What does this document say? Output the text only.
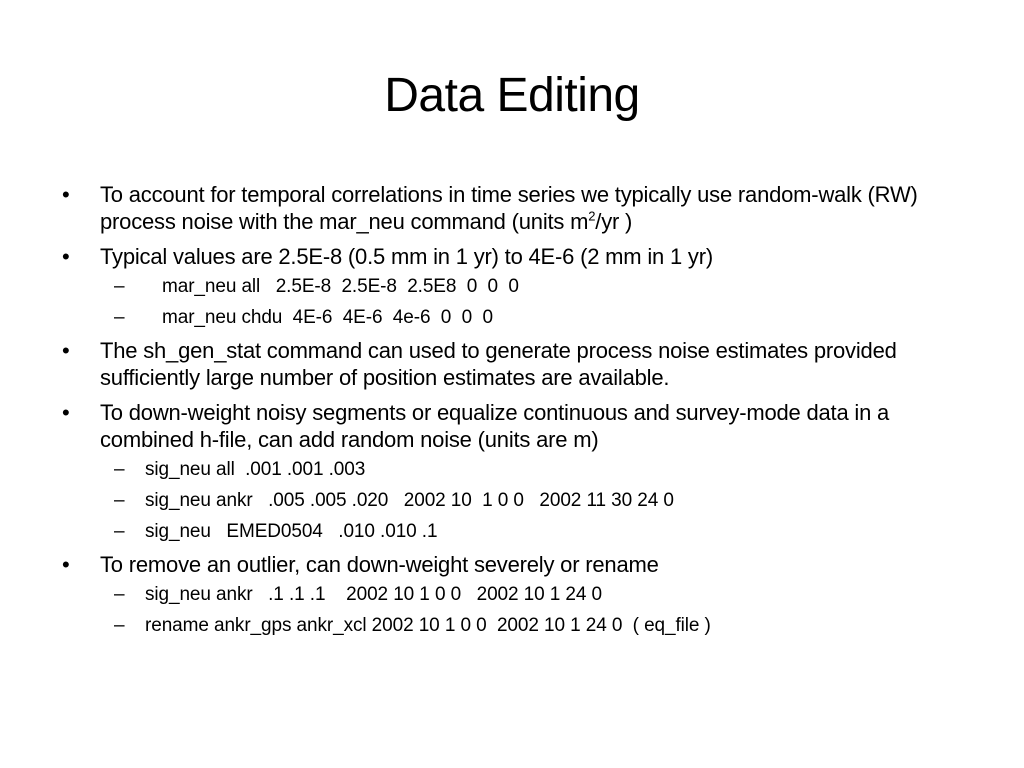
Data Editing
• To account for temporal correlations in time series we typically use random-walk (RW) process noise with the mar_neu command (units $m^2/yr$ )
• Typical values are 2.5E-8 (0.5 mm in 1 yr) to 4E-6 (2 mm in 1 yr)
– mar_neu all   2.5E-8  2.5E-8  2.5E8  0  0  0
– mar_neu chdu  4E-6  4E-6  4e-6  0  0  0
• The sh_gen_stat command can used to generate process noise estimates provided sufficiently large number of position estimates are available.
• To down-weight noisy segments or equalize continuous and survey-mode data in a combined h-file, can add random noise (units are m)
– sig_neu all  .001 .001 .003
– sig_neu ankr   .005 .005 .020   2002 10  1 0 0   2002 11 30 24 0
– sig_neu   EMED0504   .010 .010 .1
• To remove an outlier, can down-weight severely or rename
– sig_neu ankr   .1 .1 .1    2002 10 1 0 0   2002 10 1 24 0
– rename ankr_gps ankr_xcl 2002 10 1 0 0  2002 10 1 24 0  ( eq_file )
